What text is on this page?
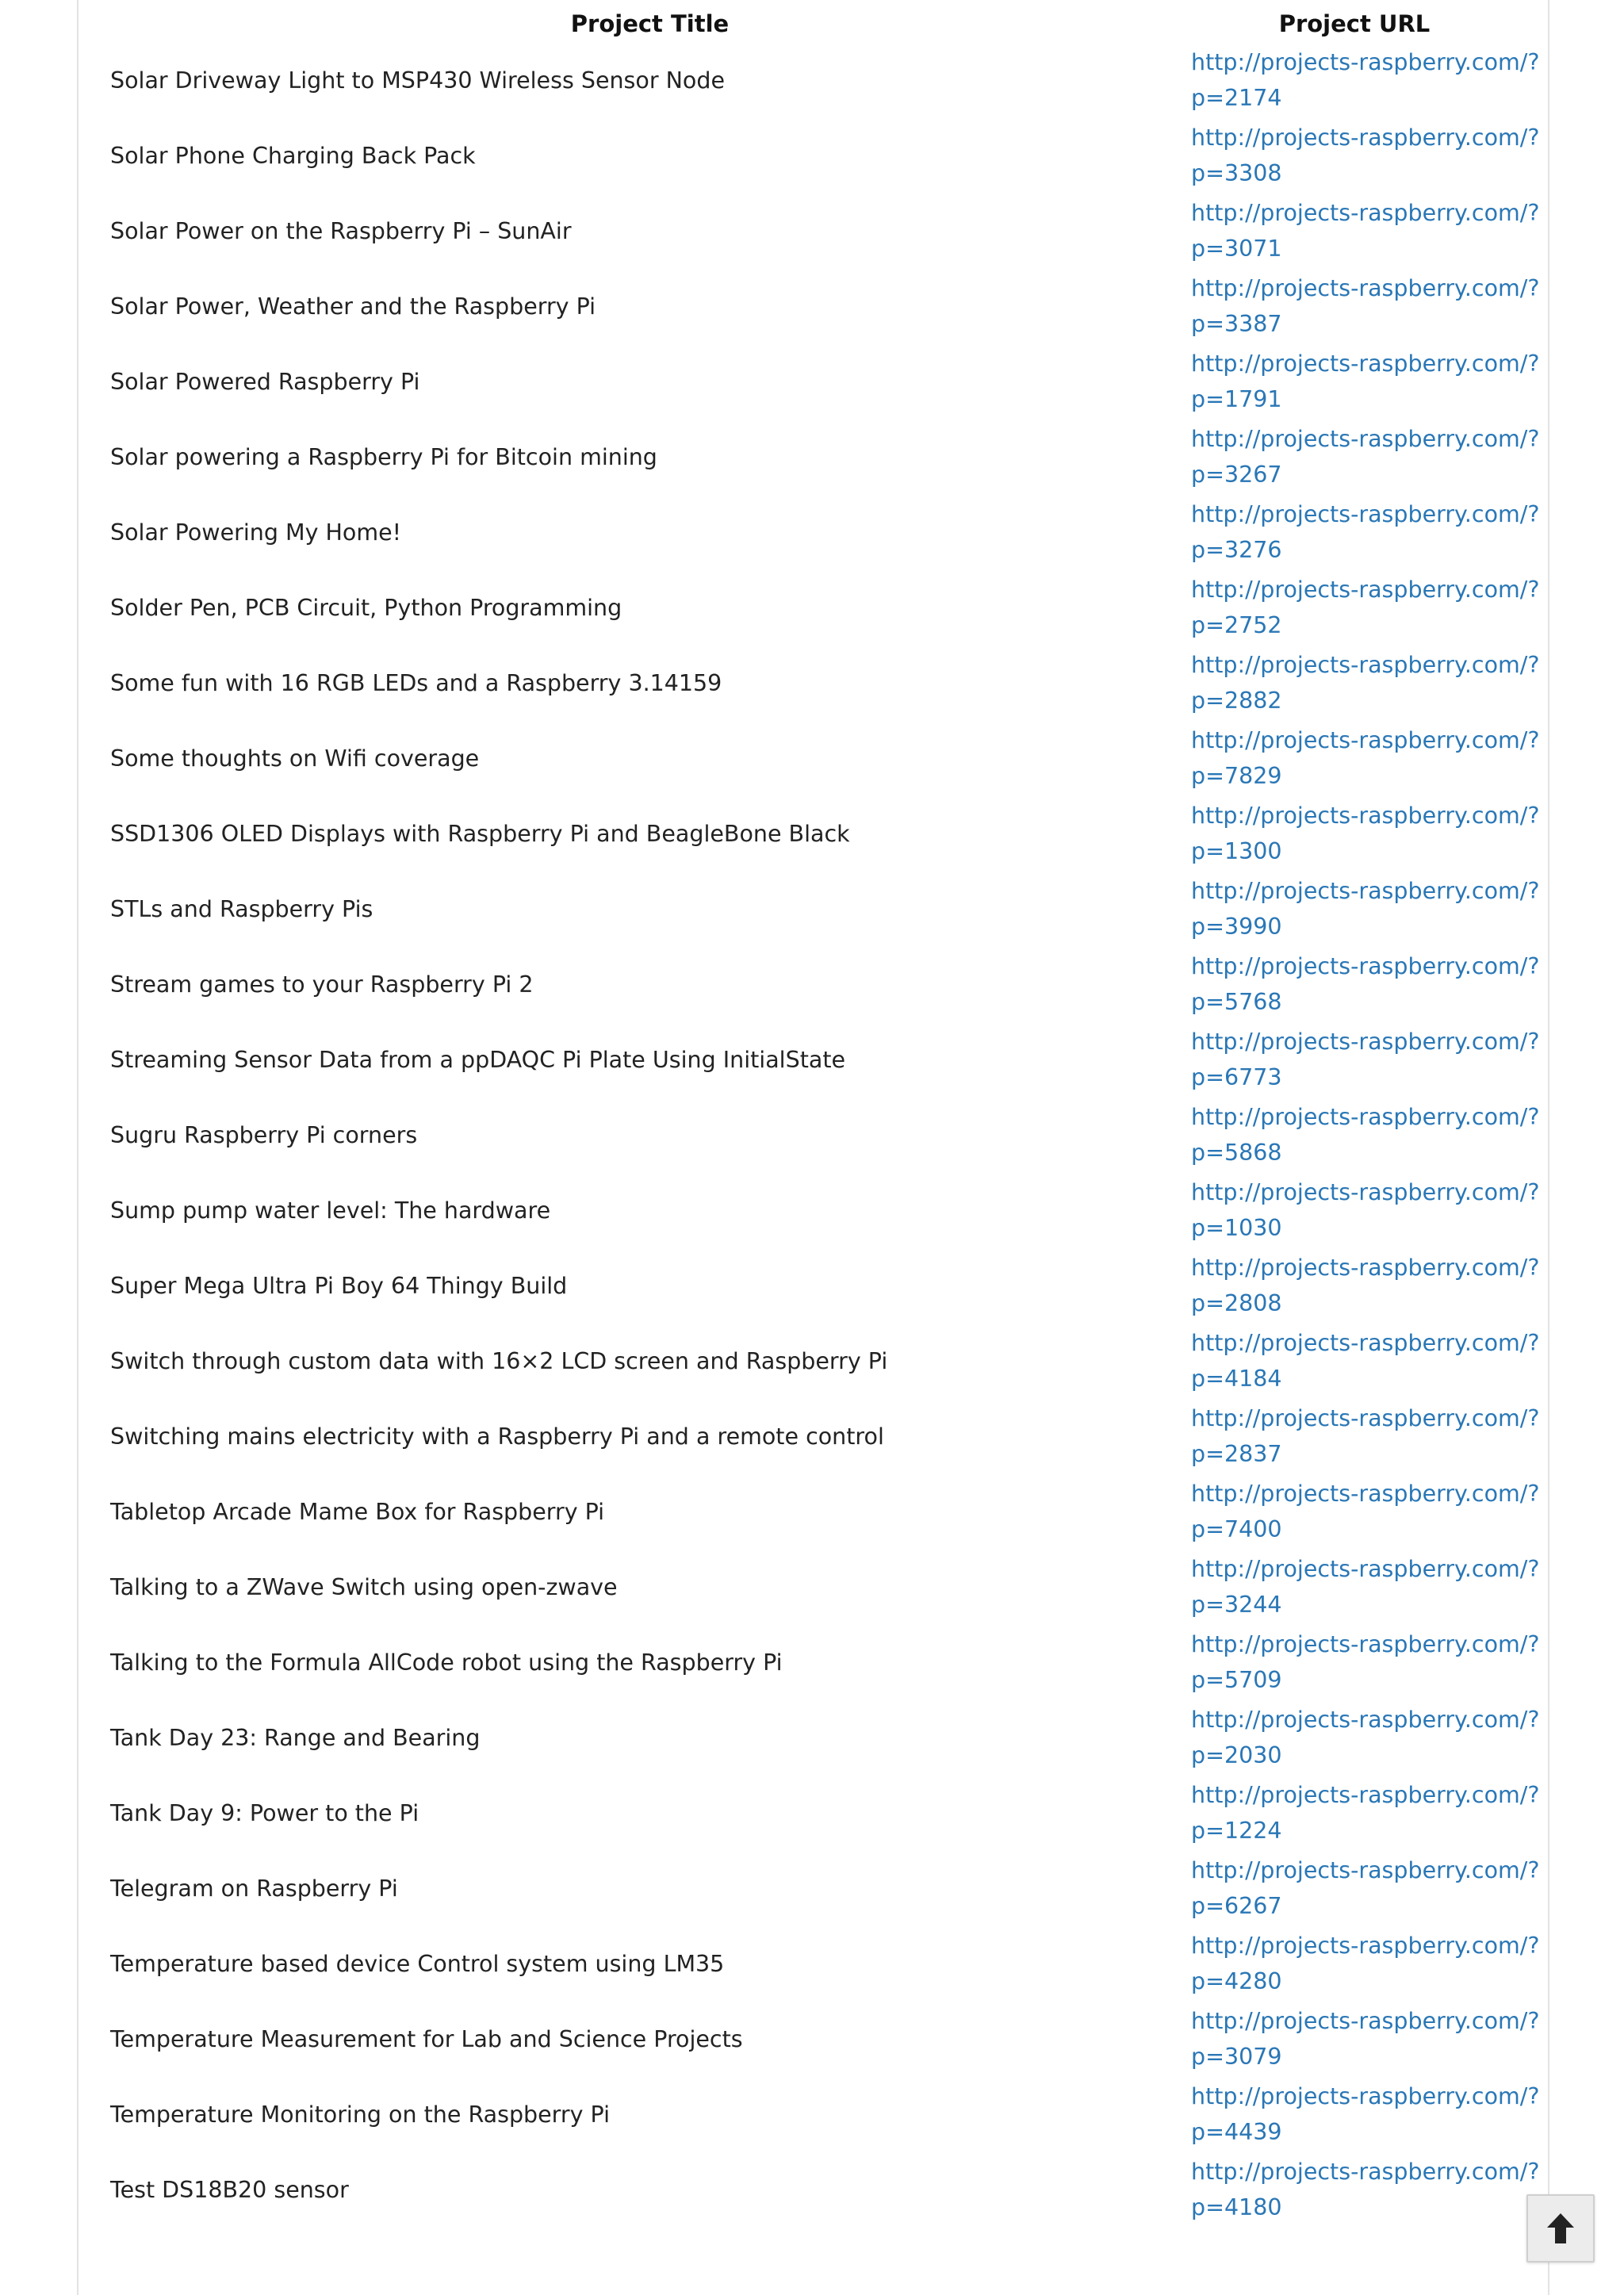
Project Title	Project URL
Solar Driveway Light to MSP430 Wireless Sensor Node	http://projects-raspberry.com/?
p=2174

Solar Phone Charging Back Pack	http://projects-raspberry.com/?
p=3308

Solar Power on the Raspberry Pi – SunAir	http://projects-raspberry.com/?
p=3071

Solar Power, Weather and the Raspberry Pi	http://projects-raspberry.com/?
p=3387

Solar Powered Raspberry Pi	http://projects-raspberry.com/?
p=1791

Solar powering a Raspberry Pi for Bitcoin mining	http://projects-raspberry.com/?
p=3267

Solar Powering My Home!	http://projects-raspberry.com/?
p=3276

Solder Pen, PCB Circuit, Python Programming	http://projects-raspberry.com/?
p=2752

Some fun with 16 RGB LEDs and a Raspberry 3.14159	http://projects-raspberry.com/?
p=2882

Some thoughts on Wifi coverage	http://projects-raspberry.com/?
p=7829

SSD1306 OLED Displays with Raspberry Pi and BeagleBone Black	http://projects-raspberry.com/?
p=1300

STLs and Raspberry Pis	http://projects-raspberry.com/?
p=3990

Stream games to your Raspberry Pi 2	http://projects-raspberry.com/?
p=5768

Streaming Sensor Data from a ppDAQC Pi Plate Using InitialState	http://projects-raspberry.com/?
p=6773

Sugru Raspberry Pi corners	http://projects-raspberry.com/?
p=5868

Sump pump water level: The hardware	http://projects-raspberry.com/?
p=1030

Super Mega Ultra Pi Boy 64 Thingy Build	http://projects-raspberry.com/?
p=2808

Switch through custom data with 16×2 LCD screen and Raspberry Pi	http://projects-raspberry.com/?
p=4184

Switching mains electricity with a Raspberry Pi and a remote control	http://projects-raspberry.com/?
p=2837

Tabletop Arcade Mame Box for Raspberry Pi	http://projects-raspberry.com/?
p=7400

Talking to a ZWave Switch using open-zwave	http://projects-raspberry.com/?
p=3244

Talking to the Formula AllCode robot using the Raspberry Pi	http://projects-raspberry.com/?
p=5709

Tank Day 23: Range and Bearing	http://projects-raspberry.com/?
p=2030

Tank Day 9: Power to the Pi	http://projects-raspberry.com/?
p=1224

Telegram on Raspberry Pi	http://projects-raspberry.com/?
p=6267

Temperature based device Control system using LM35	http://projects-raspberry.com/?
p=4280

Temperature Measurement for Lab and Science Projects	http://projects-raspberry.com/?
p=3079

Temperature Monitoring on the Raspberry Pi	http://projects-raspberry.com/?
p=4439

Test DS18B20 sensor	http://projects-raspberry.com/?
p=4180
